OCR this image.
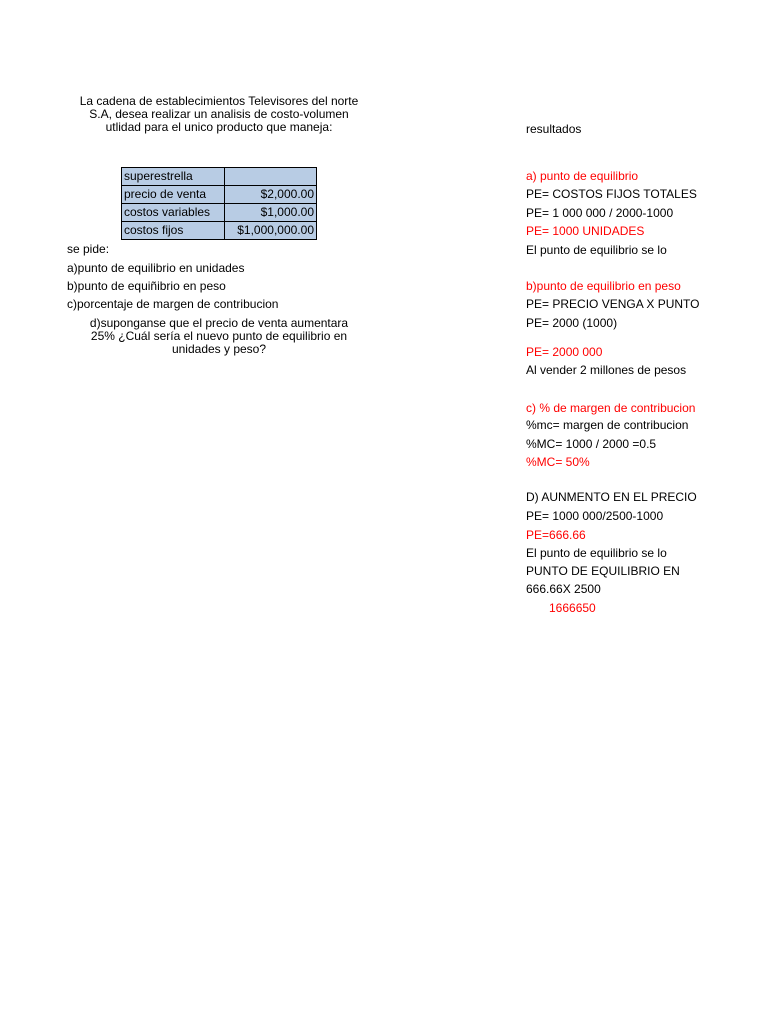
La cadena de establecimientos Televisores del norte
S.A, desea realizar un analisis de costo-volumen
utlidad para el unico producto que maneja:
superestrella	
precio de venta	$2,000.00
costos variables	$1,000.00
costos fijos	$1,000,000.00
se pide:
a)punto de equilibrio en unidades
b)punto de equiñibrio en peso
c)porcentaje de margen de contribucion
d)suponganse que el precio de venta aumentara
25% ¿Cuál sería el nuevo punto de equilibrio en
unidades y peso?
resultados
a) punto de equilibrio
PE= COSTOS FIJOS TOTALES
PE= 1 000 000 / 2000-1000
PE= 1000 UNIDADES
El punto de equilibrio se lo
b)punto de equilibrio en peso
PE= PRECIO VENGA X PUNTO
PE= 2000 (1000)
PE= 2000 000
Al vender 2 millones de pesos
c) % de margen de contribucion
%mc= margen de contribucion
%MC= 1000 / 2000 =0.5
%MC= 50%
D) AUNMENTO EN EL PRECIO
PE= 1000 000/2500-1000
PE=666.66
El punto de equilibrio se lo
PUNTO DE EQUILIBRIO EN
666.66X 2500
1666650
